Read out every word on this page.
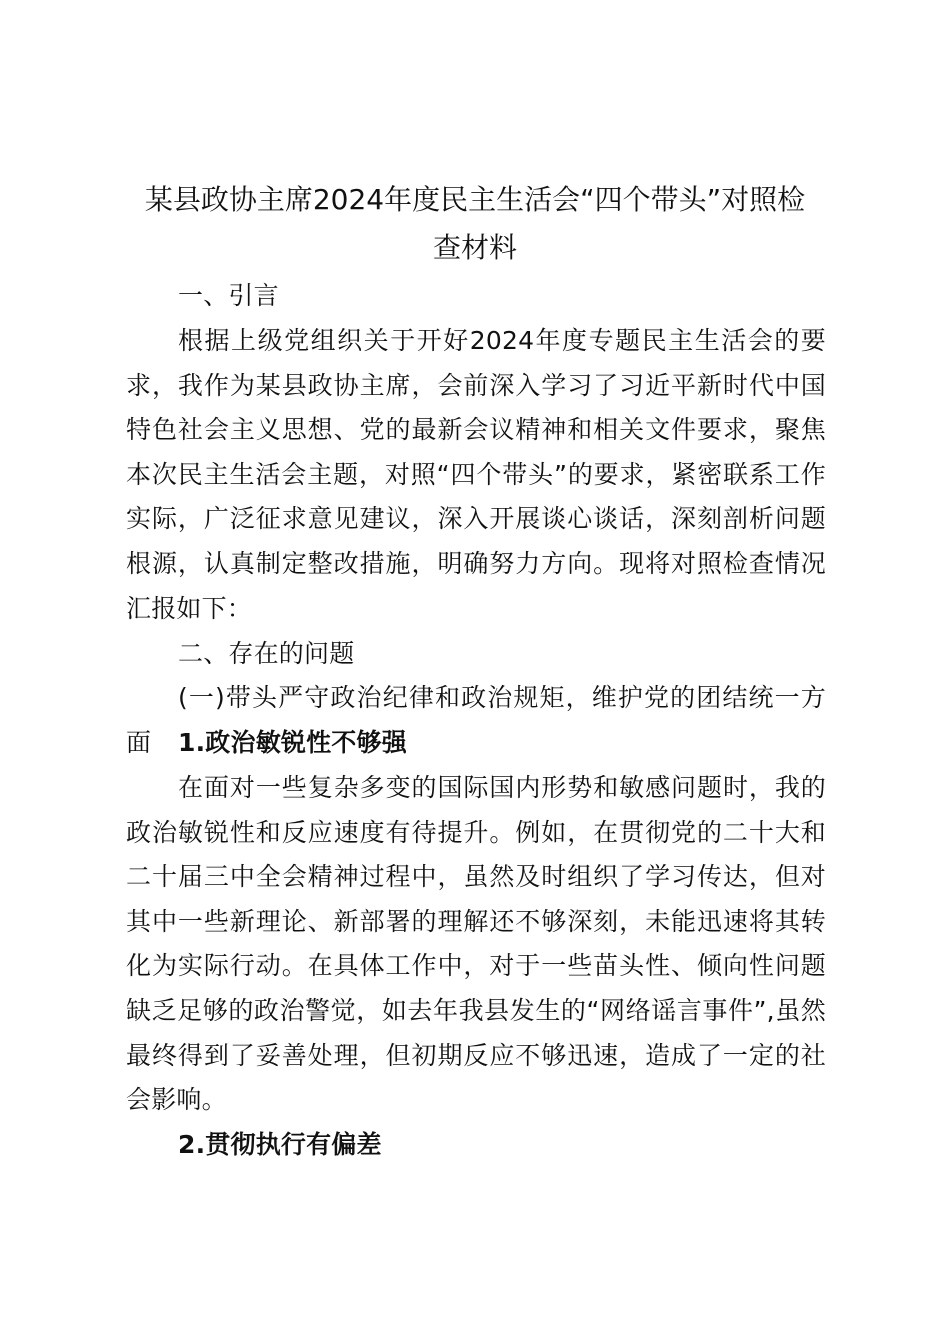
某县政协主席2024年度民主生活会“四个带头”对照检
查材料

一、引言

根据上级党组织关于开好2024年度专题民主生活会的要求，我作为某县政协主席，会前深入学习了习近平新时代中国特色社会主义思想、党的最新会议精神和相关文件要求，聚焦本次民主生活会主题，对照“四个带头”的要求，紧密联系工作实际，广泛征求意见建议，深入开展谈心谈话，深刻剖析问题根源，认真制定整改措施，明确努力方向。现将对照检查情况汇报如下：

二、存在的问题

(一)带头严守政治纪律和政治规矩，维护党的团结统一方面	1.政治敏锐性不够强

在面对一些复杂多变的国际国内形势和敏感问题时，我的政治敏锐性和反应速度有待提升。例如，在贯彻党的二十大和二十届三中全会精神过程中，虽然及时组织了学习传达，但对其中一些新理论、新部署的理解还不够深刻，未能迅速将其转化为实际行动。在具体工作中，对于一些苗头性、倾向性问题缺乏足够的政治警觉，如去年我县发生的“网络谣言事件”,虽然最终得到了妥善处理，但初期反应不够迅速，造成了一定的社会影响。

2.贯彻执行有偏差
